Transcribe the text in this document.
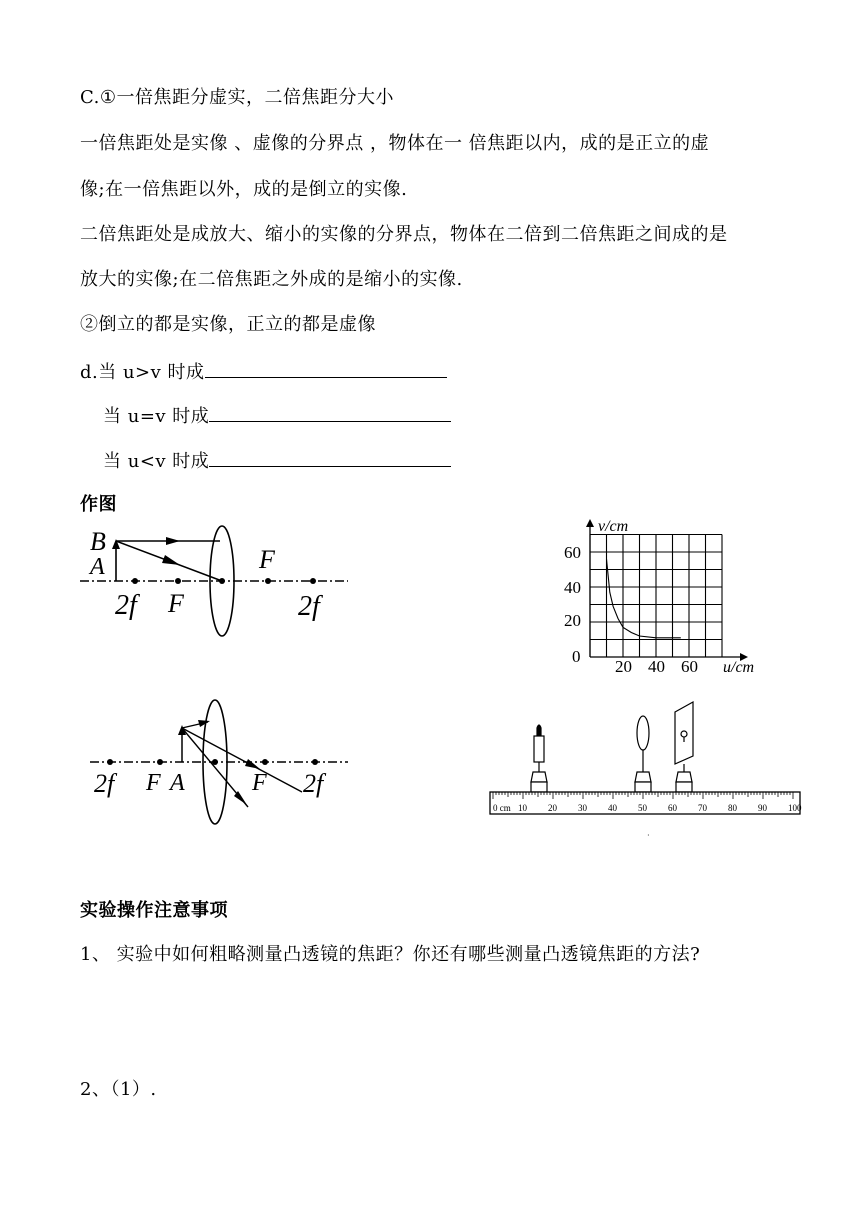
C.①一倍焦距分虚实，二倍焦距分大小
一倍焦距处是实像 、虚像的分界点 ，物体在一 倍焦距以内，成的是正立的虚
像;在一倍焦距以外，成的是倒立的实像.
二倍焦距处是成放大、缩小的实像的分界点，物体在二倍到二倍焦距之间成的是
放大的实像;在二倍焦距之外成的是缩小的实像.
②倒立的都是实像，正立的都是虚像
d.当 u>v 时成
当 u=v 时成
当 u<v 时成
作图
B
A	F
2f F	2f
v/cm
u/cm
60
40
20
0
20 40 60
2f F A	F 2f
0 cm 10 20 30 40 50 60 70 80 90 100
·
实验操作注意事项
1、 实验中如何粗略测量凸透镜的焦距？你还有哪些测量凸透镜焦距的方法?
2、（1）.
